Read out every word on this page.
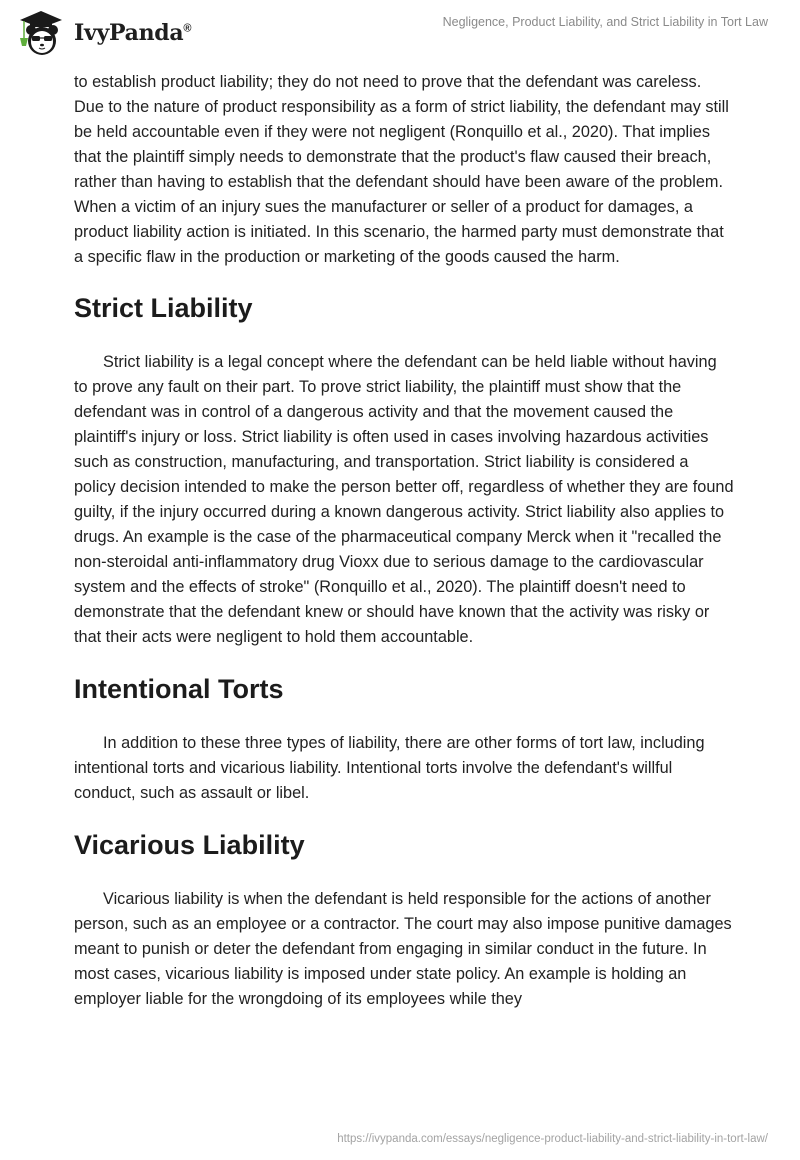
IvyPanda®	Negligence, Product Liability, and Strict Liability in Tort Law

to establish product liability; they do not need to prove that the defendant was careless. Due to the nature of product responsibility as a form of strict liability, the defendant may still be held accountable even if they were not negligent (Ronquillo et al., 2020). That implies that the plaintiff simply needs to demonstrate that the product's flaw caused their breach, rather than having to establish that the defendant should have been aware of the problem. When a victim of an injury sues the manufacturer or seller of a product for damages, a product liability action is initiated. In this scenario, the harmed party must demonstrate that a specific flaw in the production or marketing of the goods caused the harm.

Strict Liability

Strict liability is a legal concept where the defendant can be held liable without having to prove any fault on their part. To prove strict liability, the plaintiff must show that the defendant was in control of a dangerous activity and that the movement caused the plaintiff's injury or loss. Strict liability is often used in cases involving hazardous activities such as construction, manufacturing, and transportation. Strict liability is considered a policy decision intended to make the person better off, regardless of whether they are found guilty, if the injury occurred during a known dangerous activity. Strict liability also applies to drugs. An example is the case of the pharmaceutical company Merck when it "recalled the non-steroidal anti-inflammatory drug Vioxx due to serious damage to the cardiovascular system and the effects of stroke" (Ronquillo et al., 2020). The plaintiff doesn't need to demonstrate that the defendant knew or should have known that the activity was risky or that their acts were negligent to hold them accountable.

Intentional Torts

In addition to these three types of liability, there are other forms of tort law, including intentional torts and vicarious liability. Intentional torts involve the defendant's willful conduct, such as assault or libel.

Vicarious Liability

Vicarious liability is when the defendant is held responsible for the actions of another person, such as an employee or a contractor. The court may also impose punitive damages meant to punish or deter the defendant from engaging in similar conduct in the future. In most cases, vicarious liability is imposed under state policy. An example is holding an employer liable for the wrongdoing of its employees while they

https://ivypanda.com/essays/negligence-product-liability-and-strict-liability-in-tort-law/
